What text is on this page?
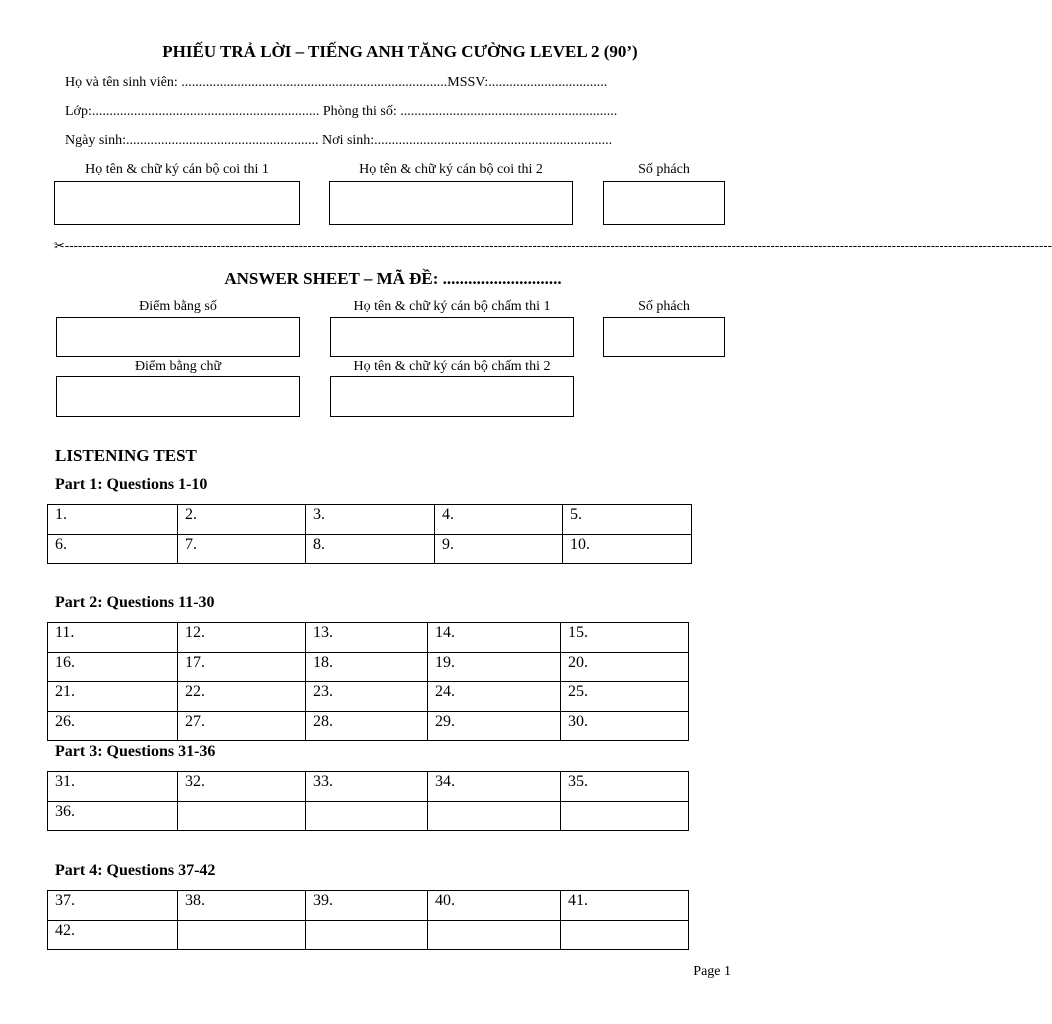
PHIẾU TRẢ LỜI – TIẾNG ANH TĂNG CƯỜNG LEVEL 2 (90’)
Họ và tên sinh viên: ............................................................................MSSV:..................................
Lớp:................................................................. Phòng thi số: ..............................................................
Ngày sinh:....................................................... Nơi sinh:....................................................................
Họ tên & chữ ký cán bộ coi thi 1	Họ tên & chữ ký cán bộ coi thi 2	Số phách
✂------------------------------------------------------------------------------------------------------------------------------------------------------------------------------------------------------------------------------------
ANSWER SHEET – MÃ ĐỀ: ............................
Điểm bằng số	Họ tên & chữ ký cán bộ chấm thi 1	Số phách
Điểm bằng chữ	Họ tên & chữ ký cán bộ chấm thi 2
LISTENING TEST
Part 1: Questions 1-10
1.	2.	3.	4.	5.
6.	7.	8.	9.	10.
Part 2: Questions 11-30
11.	12.	13.	14.	15.
16.	17.	18.	19.	20.
21.	22.	23.	24.	25.
26.	27.	28.	29.	30.
Part 3: Questions 31-36
31.	32.	33.	34.	35.
36.				
Part 4: Questions 37-42
37.	38.	39.	40.	41.
42.				
Page 1
